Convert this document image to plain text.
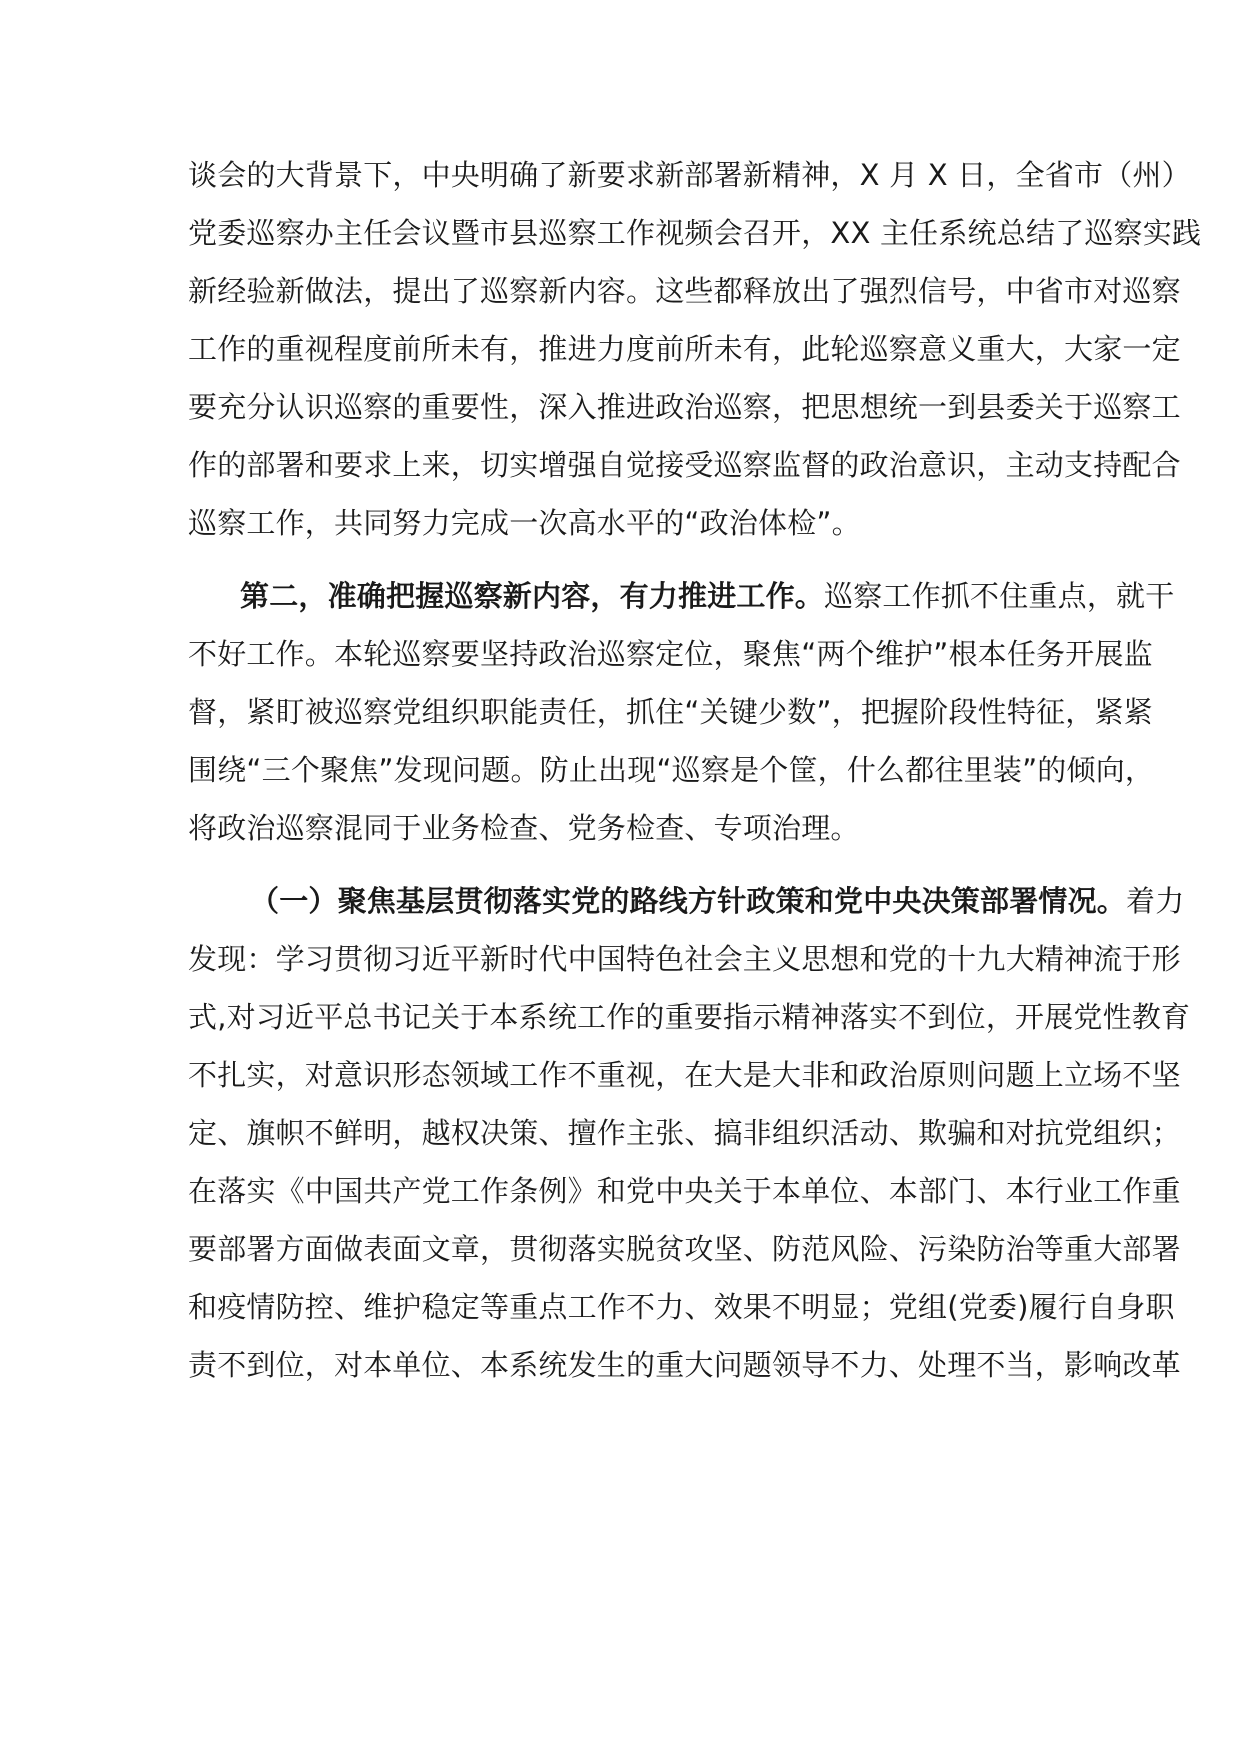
谈会的大背景下，中央明确了新要求新部署新精神，X 月 X 日，全省市（州）
党委巡察办主任会议暨市县巡察工作视频会召开，XX 主任系统总结了巡察实践
新经验新做法，提出了巡察新内容。这些都释放出了强烈信号，中省市对巡察
工作的重视程度前所未有，推进力度前所未有，此轮巡察意义重大，大家一定
要充分认识巡察的重要性，深入推进政治巡察，把思想统一到县委关于巡察工
作的部署和要求上来，切实增强自觉接受巡察监督的政治意识，主动支持配合
巡察工作，共同努力完成一次高水平的“政治体检”。
第二，准确把握巡察新内容，有力推进工作。巡察工作抓不住重点，就干
不好工作。本轮巡察要坚持政治巡察定位，聚焦“两个维护”根本任务开展监
督，紧盯被巡察党组织职能责任，抓住“关键少数”，把握阶段性特征，紧紧
围绕“三个聚焦”发现问题。防止出现“巡察是个筐，什么都往里装”的倾向，
将政治巡察混同于业务检查、党务检查、专项治理。
（一）聚焦基层贯彻落实党的路线方针政策和党中央决策部署情况。着力
发现：学习贯彻习近平新时代中国特色社会主义思想和党的十九大精神流于形
式,对习近平总书记关于本系统工作的重要指示精神落实不到位，开展党性教育
不扎实，对意识形态领域工作不重视，在大是大非和政治原则问题上立场不坚
定、旗帜不鲜明，越权决策、擅作主张、搞非组织活动、欺骗和对抗党组织；
在落实《中国共产党工作条例》和党中央关于本单位、本部门、本行业工作重
要部署方面做表面文章，贯彻落实脱贫攻坚、防范风险、污染防治等重大部署
和疫情防控、维护稳定等重点工作不力、效果不明显；党组(党委)履行自身职
责不到位，对本单位、本系统发生的重大问题领导不力、处理不当，影响改革
